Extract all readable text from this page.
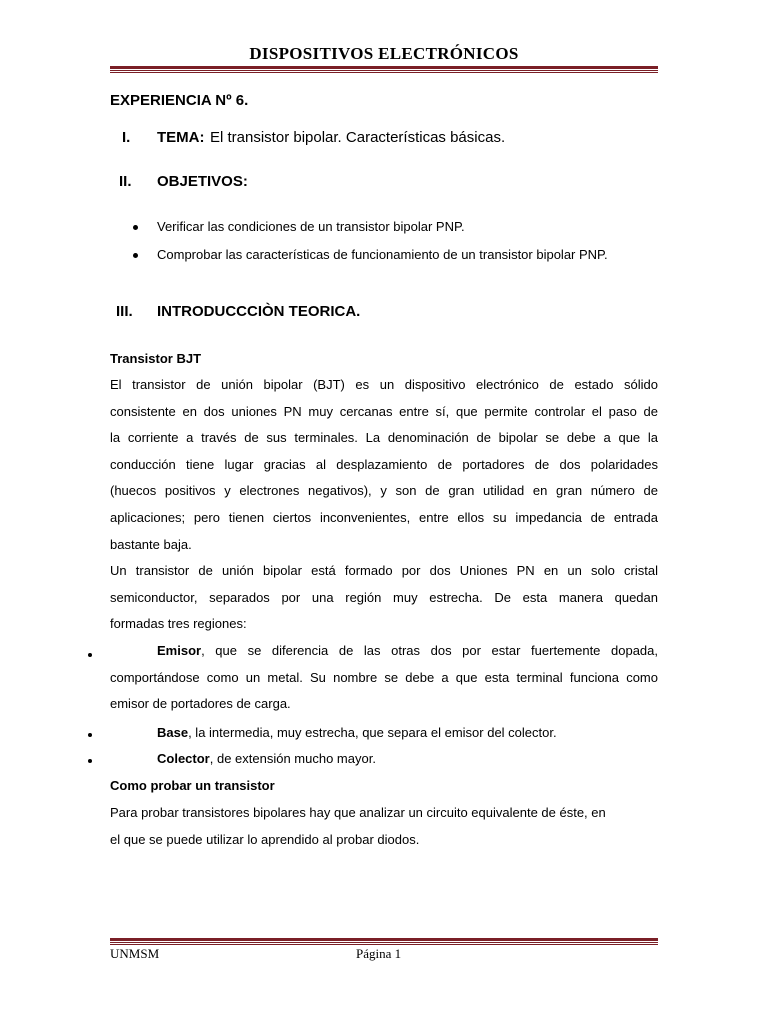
DISPOSITIVOS ELECTRÓNICOS
EXPERIENCIA Nº 6.
I. TEMA: El transistor bipolar. Características básicas.
II. OBJETIVOS:
Verificar las condiciones de un transistor bipolar PNP.
Comprobar las características de funcionamiento de un transistor bipolar PNP.
III. INTRODUCCCIÒN TEORICA.
Transistor BJT
El transistor de unión bipolar (BJT) es un dispositivo electrónico de estado sólido
consistente en dos uniones PN muy cercanas entre sí, que permite controlar el paso de
la corriente a través de sus terminales. La denominación de bipolar se debe a que la
conducción tiene lugar gracias al desplazamiento de portadores de dos polaridades
(huecos positivos y electrones negativos), y son de gran utilidad en gran número de
aplicaciones; pero tienen ciertos inconvenientes, entre ellos su impedancia de entrada
bastante baja.
Un transistor de unión bipolar está formado por dos Uniones PN en un solo cristal
semiconductor, separados por una región muy estrecha. De esta manera quedan
formadas tres regiones:
Emisor, que se diferencia de las otras dos por estar fuertemente dopada,
comportándose como un metal. Su nombre se debe a que esta terminal funciona como
emisor de portadores de carga.
Base, la intermedia, muy estrecha, que separa el emisor del colector.
Colector, de extensión mucho mayor.
Como probar un transistor
Para probar transistores bipolares hay que analizar un circuito equivalente de éste, en
el que se puede utilizar lo aprendido al probar diodos.
UNMSM	Página 1
